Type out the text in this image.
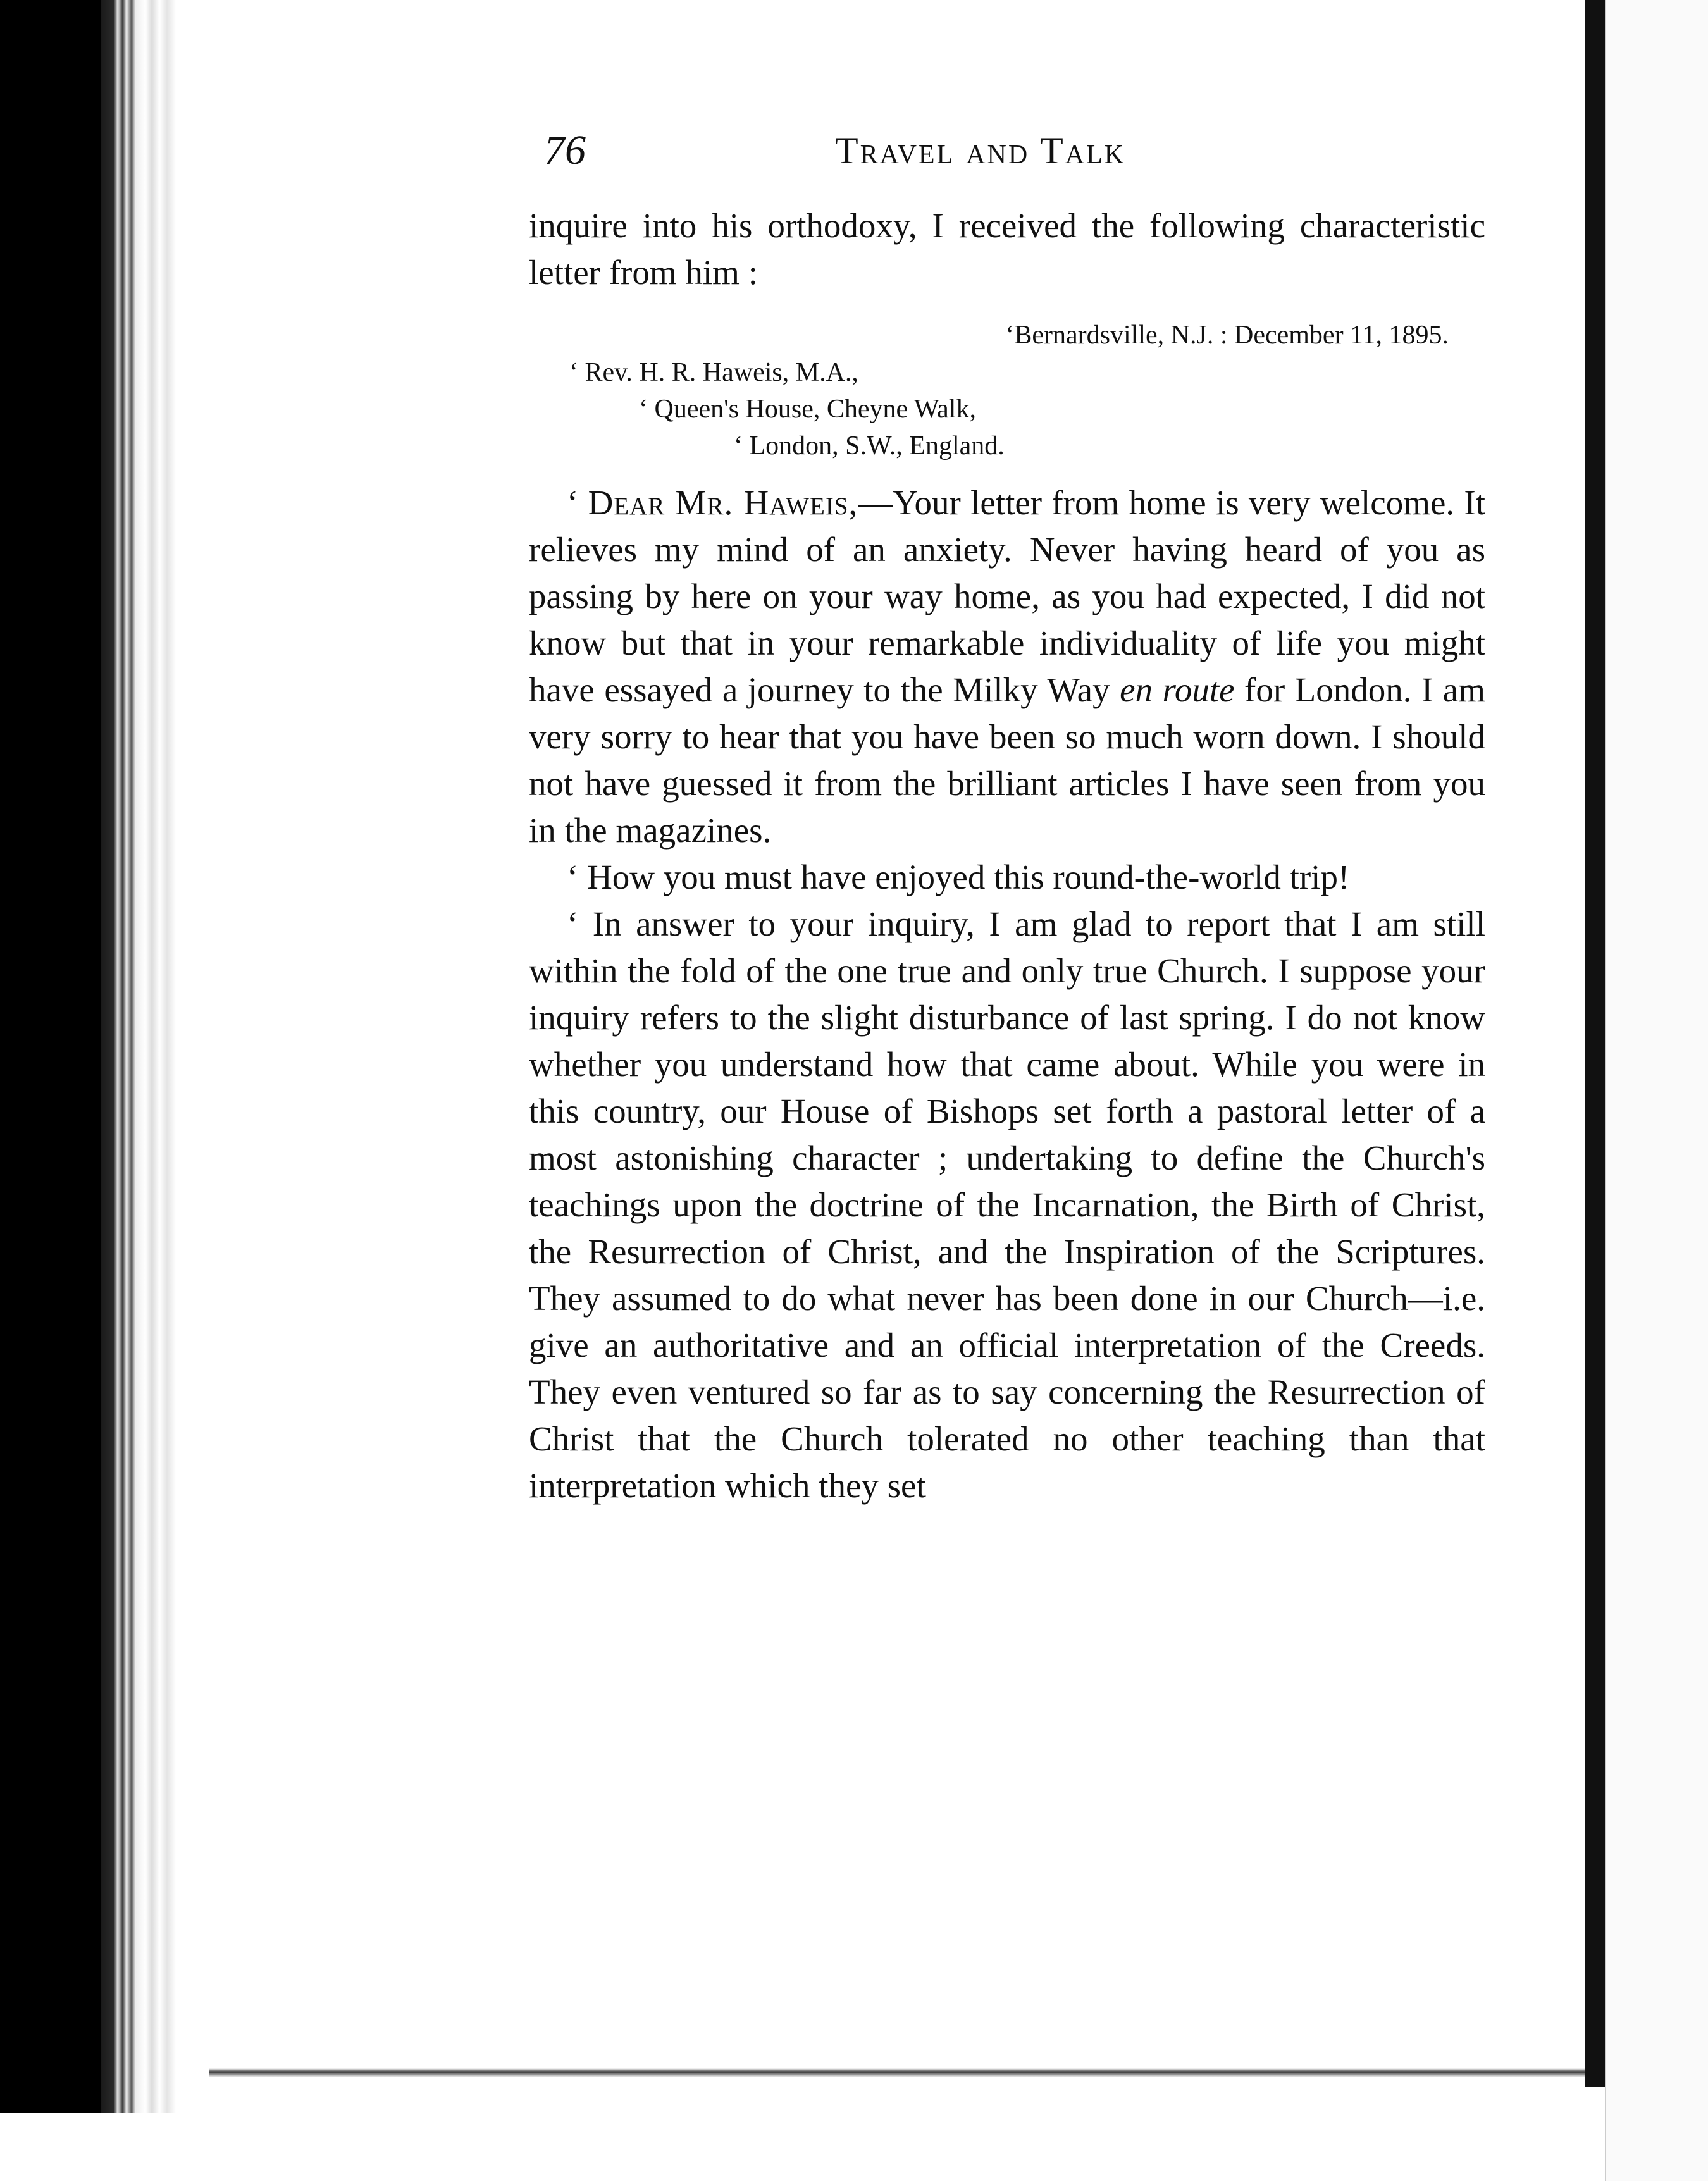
76	Travel and Talk

inquire into his orthodoxy, I received the following characteristic letter from him :

‘Bernardsville, N.J. : December 11, 1895.
‘ Rev. H. R. Haweis, M.A.,
‘ Queen's House, Cheyne Walk,
‘ London, S.W., England.

‘ Dear Mr. Haweis,—Your letter from home is very welcome. It relieves my mind of an anxiety. Never having heard of you as passing by here on your way home, as you had expected, I did not know but that in your remarkable individuality of life you might have essayed a journey to the Milky Way en route for London. I am very sorry to hear that you have been so much worn down. I should not have guessed it from the brilliant articles I have seen from you in the magazines.

‘ How you must have enjoyed this round-the-world trip!

‘ In answer to your inquiry, I am glad to report that I am still within the fold of the one true and only true Church. I suppose your inquiry refers to the slight disturbance of last spring. I do not know whether you understand how that came about. While you were in this country, our House of Bishops set forth a pastoral letter of a most astonishing character ; undertaking to define the Church's teachings upon the doctrine of the Incarnation, the Birth of Christ, the Resurrection of Christ, and the Inspiration of the Scriptures. They assumed to do what never has been done in our Church—i.e. give an authoritative and an official interpretation of the Creeds. They even ventured so far as to say concerning the Resurrection of Christ that the Church tolerated no other teaching than that interpretation which they set
